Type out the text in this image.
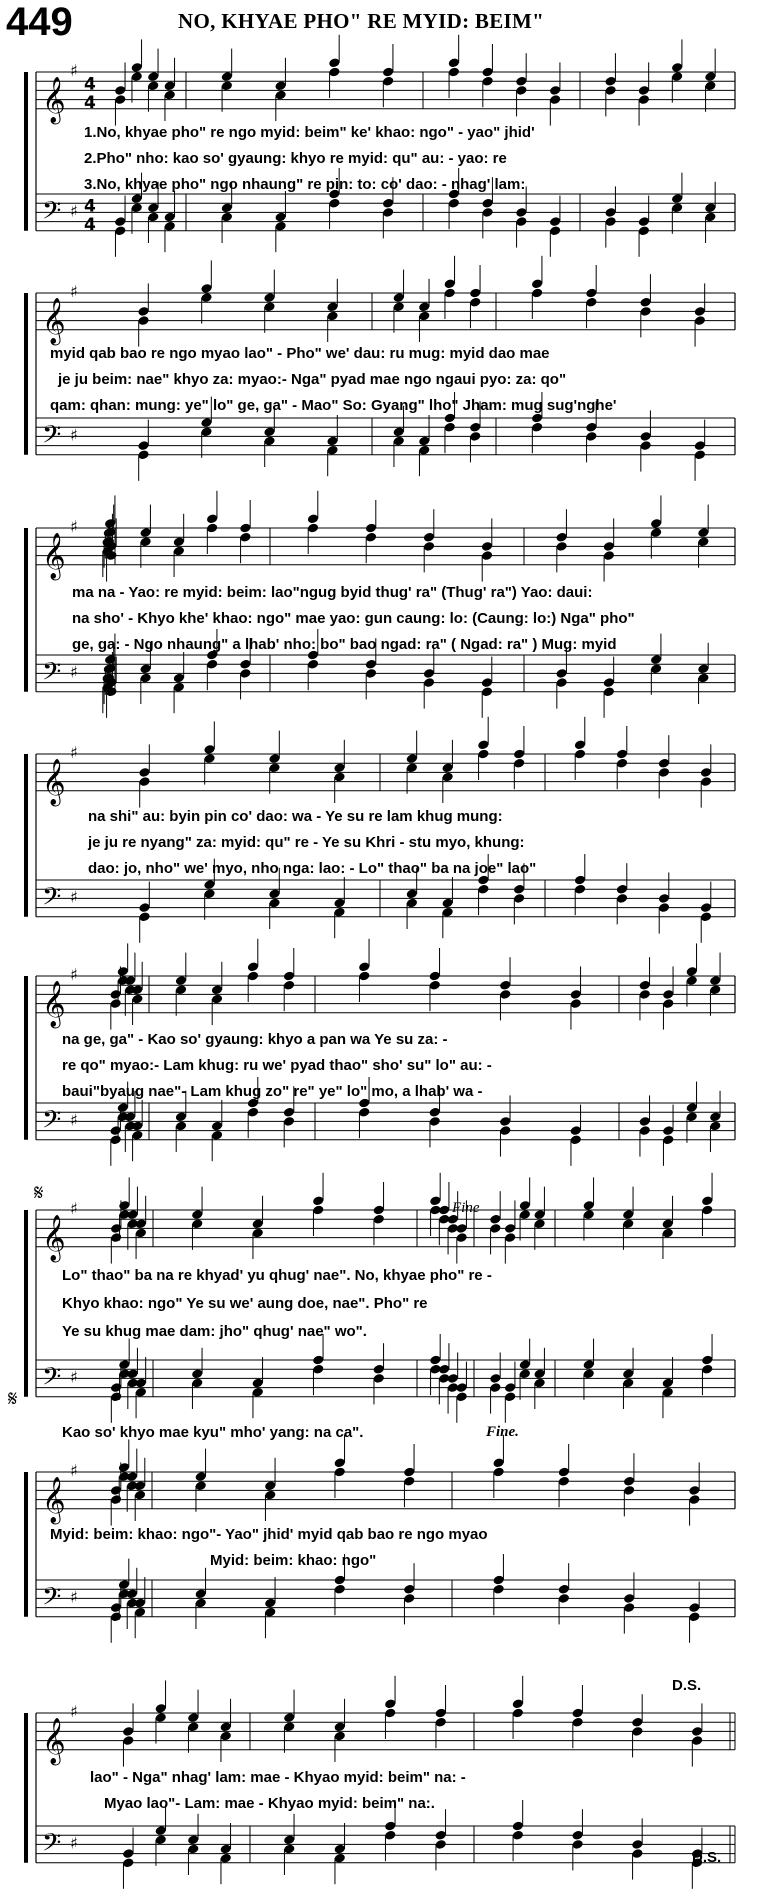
449	NO, KHYAE PHO" RE MYID: BEIM"
𝄞
♯
4
4
𝄢 ♯ 4
4
𝄞
♯
𝄢 ♯
𝄞
♯
𝄢 ♯
𝄞
♯
𝄢 ♯
𝄞
♯
𝄢 ♯
𝄞
♯
𝄢 ♯
𝄞
♯
𝄢 ♯
𝄞
♯
𝄢 ♯
𝄋
𝄋
1.No, khyae pho" re ngo myid: beim" ke' khao: ngo" - yao" jhid'
2.Pho" nho: kao so' gyaung: khyo re myid: qu" au: - yao: re
3.No, khyae pho" ngo nhaung" re pin: to: co' dao: - nhag' lam:
myid qab bao re ngo myao lao" - Pho" we' dau: ru mug: myid dao mae
je ju beim: nae" khyo za: myao:- Nga" pyad mae ngo ngaui pyo: za: qo"
qam: qhan: mung: ye" lo" ge, ga" - Mao" So: Gyang" lho" Jham: mug sug'nghe'
ma na - Yao: re myid: beim: lao"ngug byid thug' ra" (Thug' ra") Yao: daui:
na sho' - Khyo khe' khao: ngo" mae yao: gun caung: lo: (Caung: lo:) Nga" pho"
ge, ga: - Ngo nhaung" a lhab' nho: bo" bao ngad: ra" ( Ngad: ra" ) Mug: myid
na shi" au: byin pin co' dao: wa - Ye su re lam khug mung:
je ju re nyang" za: myid: qu" re - Ye su Khri - stu myo, khung:
dao: jo, nho" we' myo, nho nga: lao: - Lo" thao" ba na joe" lao"
na ge, ga" - Kao so' gyaung: khyo a pan wa Ye su za: -
re qo" myao:- Lam khug: ru we' pyad thao" sho' su" lo" au: -
baui"byaug nae"- Lam khug zo" re" ye" lo" mo, a lhab' wa -
Lo" thao" ba na re khyad' yu qhug' nae". No, khyae pho" re -
Khyo khao: ngo" Ye su we' aung doe, nae". Pho" re
Ye su khug mae dam: jho" qhug' nae" wo".
Kao so' khyo mae kyu" mho' yang: na ca".
Fine
Fine.
Myid: beim: khao: ngo"- Yao" jhid' myid qab bao re ngo myao
Myid: beim: khao: ngo"
lao" - Nga" nhag' lam: mae - Khyao myid: beim" na: -
Myao lao"- Lam: mae - Khyao myid: beim" na:.
D.S.
D.S.
